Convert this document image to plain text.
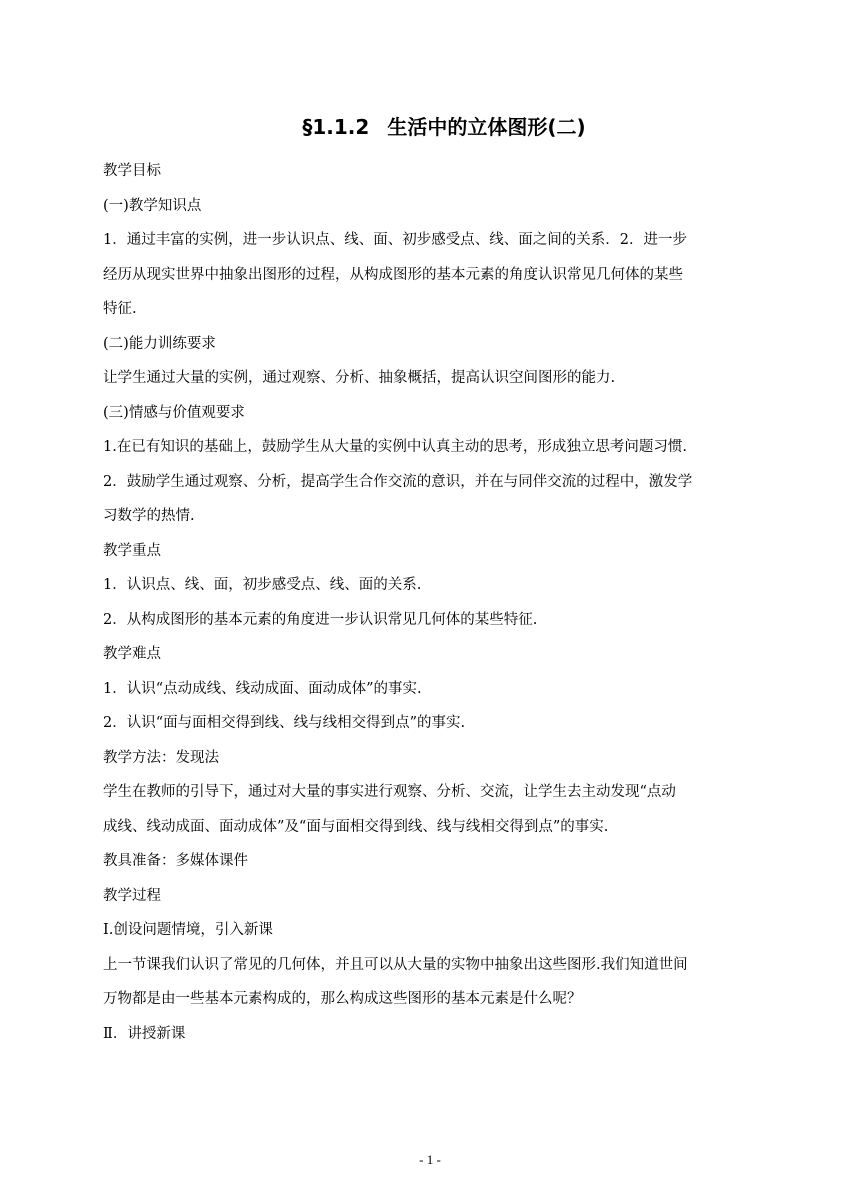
§1.1.2 生活中的立体图形(二)
教学目标
(一)教学知识点
1．通过丰富的实例，进一步认识点、线、面、初步感受点、线、面之间的关系．2．进一步
经历从现实世界中抽象出图形的过程，从构成图形的基本元素的角度认识常见几何体的某些
特征.
(二)能力训练要求
让学生通过大量的实例，通过观察、分析、抽象概括，提高认识空间图形的能力.
(三)情感与价值观要求
1.在已有知识的基础上，鼓励学生从大量的实例中认真主动的思考，形成独立思考问题习惯.
2．鼓励学生通过观察、分析，提高学生合作交流的意识，并在与同伴交流的过程中，激发学
习数学的热情.
教学重点
1．认识点、线、面，初步感受点、线、面的关系.
2．从构成图形的基本元素的角度进一步认识常见几何体的某些特征.
教学难点
1．认识“点动成线、线动成面、面动成体”的事实.
2．认识“面与面相交得到线、线与线相交得到点”的事实.
教学方法：发现法
学生在教师的引导下，通过对大量的事实进行观察、分析、交流，让学生去主动发现“点动
成线、线动成面、面动成体”及“面与面相交得到线、线与线相交得到点”的事实.
教具准备：多媒体课件
教学过程
Ⅰ.创设问题情境，引入新课
上一节课我们认识了常见的几何体，并且可以从大量的实物中抽象出这些图形.我们知道世间
万物都是由一些基本元素构成的，那么构成这些图形的基本元素是什么呢？
Ⅱ．讲授新课
- 1 -
